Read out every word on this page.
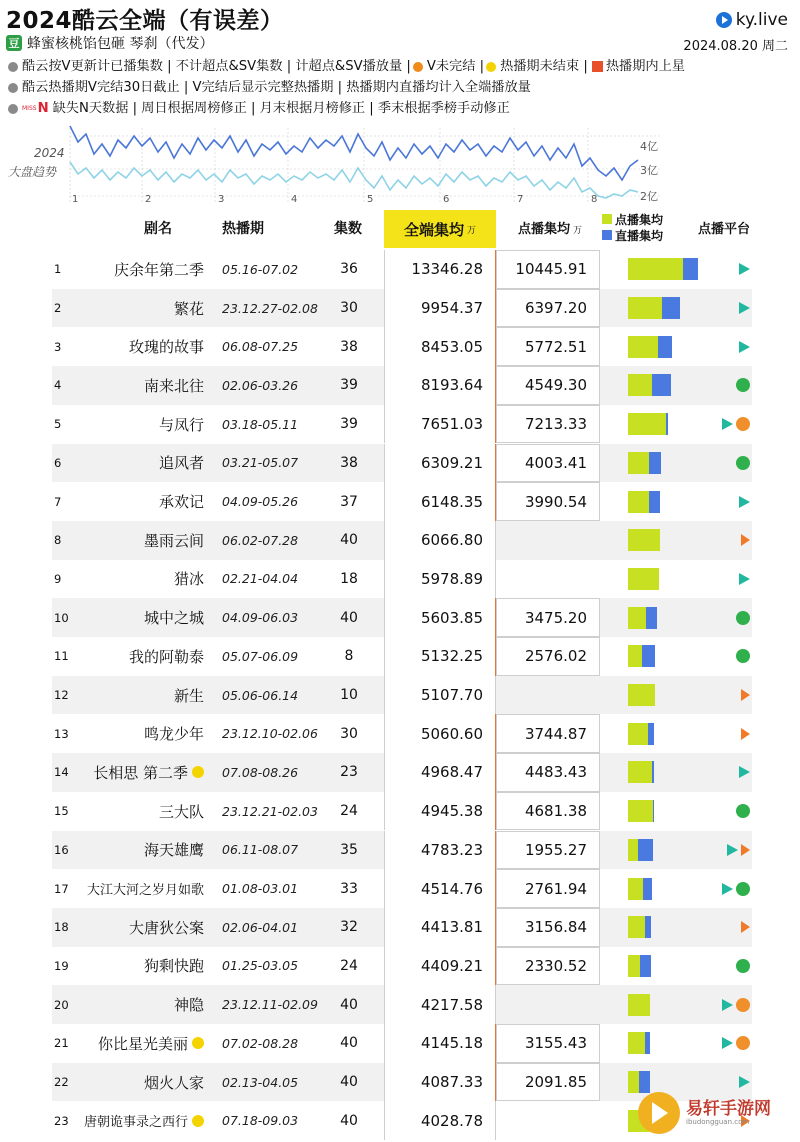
2024酷云全端（有误差）	ky.live
豆 蜂蜜核桃馅包砸 琴刹（代发）	2024.08.20 周二
酷云按V更新计已播集数 | 不计超点&SV集数 | 计超点&SV播放量 | V未完结 | 热播期未结束 | 热播期内上星
酷云热播期V完结30日截止 | V完结后显示完整热播期 | 热播期内直播均计入全端播放量
MISS N 缺失N天数据 | 周日根据周榜修正 | 月末根据月榜修正 | 季末根据季榜手动修正
1	2	3	4	5	6	7	8
4亿
3亿
2亿
2024
大盘趋势
剧名	热播期	集数	全端集均 万	点播集均 万
点播集均
直播集均	点播平台
1	庆余年第二季 05.16-07.02	36	13346.28	10445.91
2	繁花 23.12.27-02.08	30	9954.37	6397.20
3	玫瑰的故事 06.08-07.25	38	8453.05	5772.51
4	南来北往 02.06-03.26	39	8193.64	4549.30
5	与凤行 03.18-05.11	39	7651.03	7213.33
6	追风者 03.21-05.07	38	6309.21	4003.41
7	承欢记 04.09-05.26	37	6148.35	3990.54
8	墨雨云间 06.02-07.28	40	6066.80
9	猎冰 02.21-04.04	18	5978.89
10	城中之城 04.09-06.03	40	5603.85	3475.20
11	我的阿勒泰 05.07-06.09	8	5132.25	2576.02
12	新生 05.06-06.14	10	5107.70
13	鸣龙少年 23.12.10-02.06	30	5060.60	3744.87
14 长相思 第二季	07.08-08.26	23	4968.47	4483.43
15	三大队 23.12.21-02.03	24	4945.38	4681.38
16	海天雄鹰 06.11-08.07	35	4783.23	1955.27
17 大江大河之岁月如歌 01.08-03.01	33	4514.76	2761.94
18	大唐狄公案 02.06-04.01	32	4413.81	3156.84
19	狗剩快跑 01.25-03.05	24	4409.21	2330.52
20	神隐 23.12.11-02.09	40	4217.58
21 你比星光美丽	07.02-08.28	40	4145.18	3155.43
22	烟火人家 02.13-04.05	40	4087.33	2091.85
23 唐朝诡事录之西行	07.18-09.03	40	4028.78
易轩手游网
ibudongguan.com
